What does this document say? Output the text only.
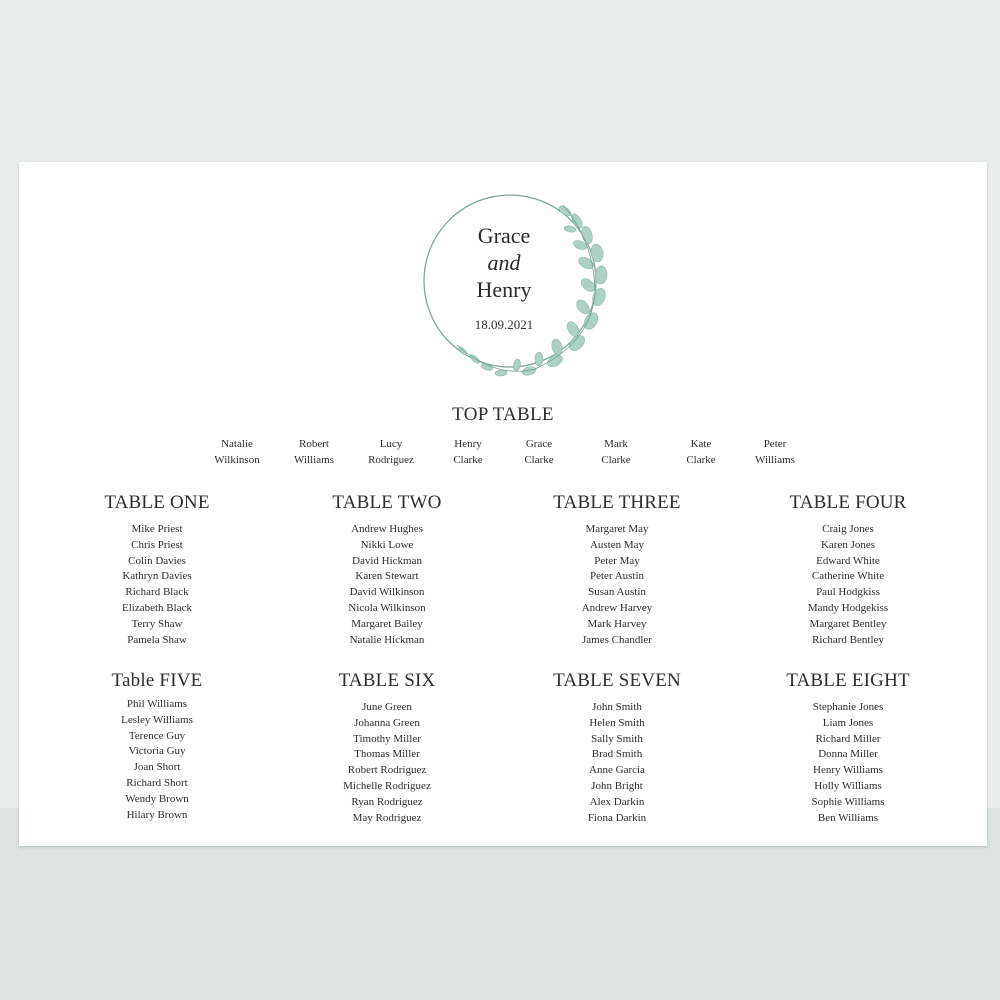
Grace
and
Henry
18.09.2021
TOP TABLE
Natalie
Wilkinson
Robert
Williams
Lucy
Rodriguez
Henry
Clarke
Grace
Clarke
Mark
Clarke
Kate
Clarke
Peter
Williams
TABLE ONE
Mike Priest
Chris Priest
Colin Davies
Kathryn Davies
Richard Black
Elizabeth Black
Terry Shaw
Pamela Shaw
TABLE TWO
Andrew Hughes
Nikki Lowe
David Hickman
Karen Stewart
David Wilkinson
Nicola Wilkinson
Margaret Bailey
Natalie Hickman
TABLE THREE
Margaret May
Austen May
Peter May
Peter Austin
Susan Austin
Andrew Harvey
Mark Harvey
James Chandler
TABLE FOUR
Craig Jones
Karen Jones
Edward White
Catherine White
Paul Hodgkiss
Mandy Hodgekiss
Margaret Bentley
Richard Bentley
Table FIVE
Phil Williams
Lesley Williams
Terence Guy
Victoria Guy
Joan Short
Richard Short
Wendy Brown
Hilary Brown
TABLE SIX
June Green
Johanna Green
Timothy Miller
Thomas Miller
Robert Rodriguez
Michelle Rodriguez
Ryan Rodriguez
May Rodriguez
TABLE SEVEN
John Smith
Helen Smith
Sally Smith
Brad Smith
Anne Garcia
John Bright
Alex Darkin
Fiona Darkin
TABLE EIGHT
Stephanie Jones
Liam Jones
Richard Miller
Donna Miller
Henry Williams
Holly Williams
Sophie Williams
Ben Williams
